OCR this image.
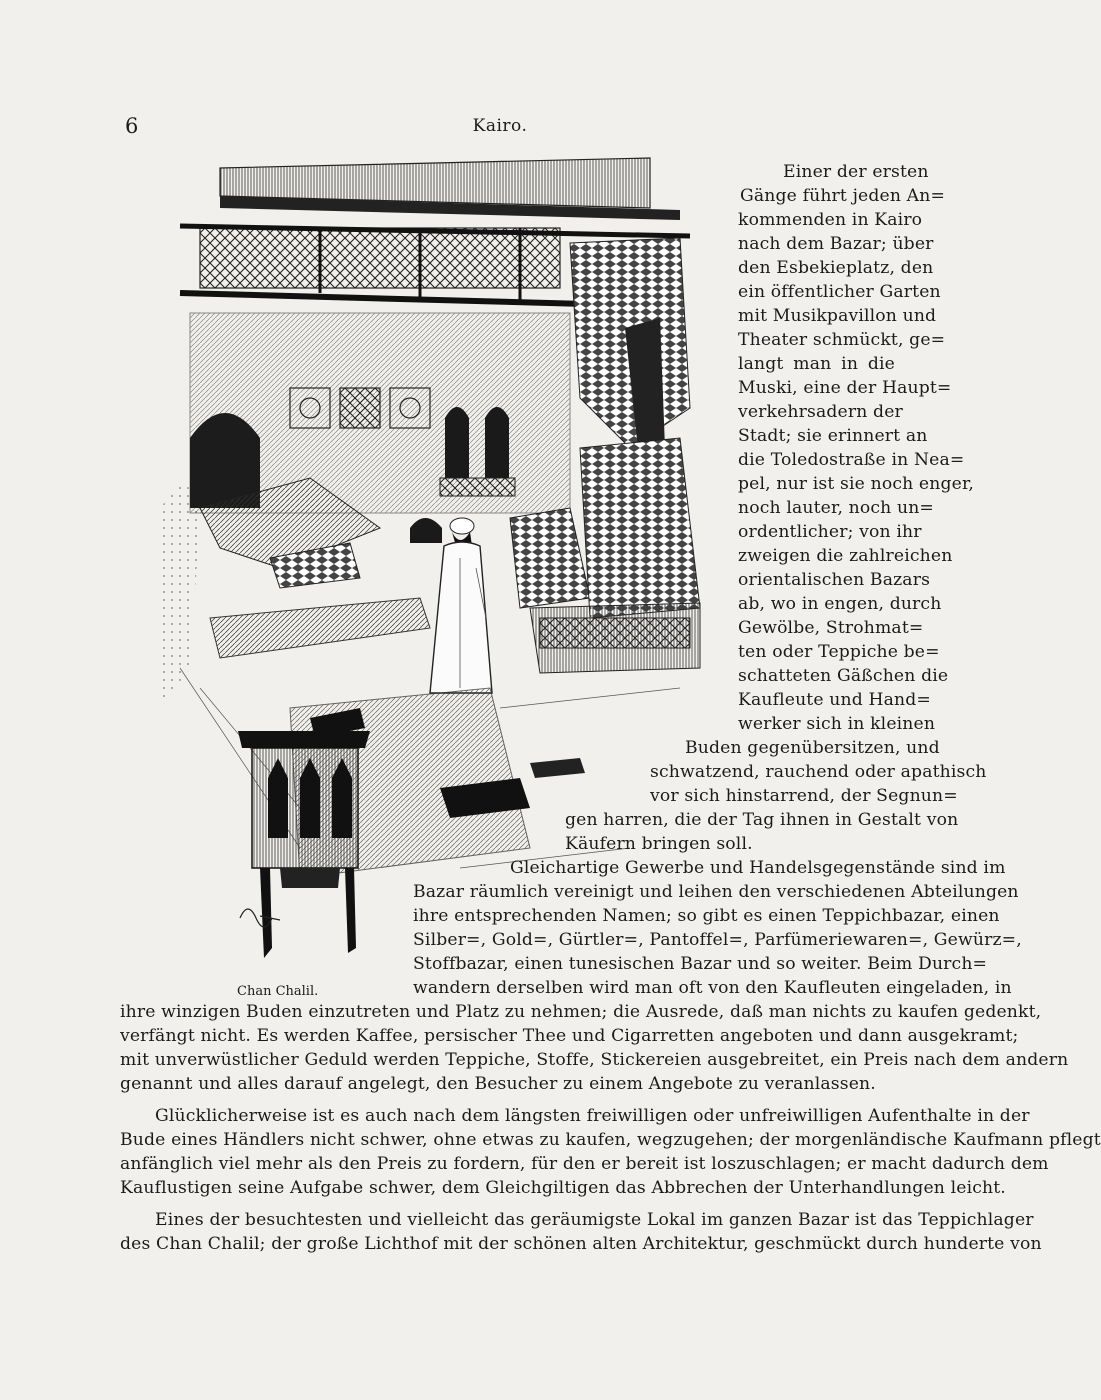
6	Kairo.
Chan Chalil.
Einer der ersten
Gänge führt jeden An=
kommenden in Kairo
nach dem Bazar; über
den Esbekieplatz, den
ein öffentlicher Garten
mit Musikpavillon und
Theater schmückt, ge=
langt man in die
Muski, eine der Haupt=
verkehrsadern der
Stadt; sie erinnert an
die Toledostraße in Nea=
pel, nur ist sie noch enger,
noch lauter, noch un=
ordentlicher; von ihr
zweigen die zahlreichen
orientalischen Bazars
ab, wo in engen, durch
Gewölbe, Strohmat=
ten oder Teppiche be=
schatteten Gäßchen die
Kaufleute und Hand=
werker sich in kleinen
Buden gegenübersitzen, und
schwatzend, rauchend oder apathisch
vor sich hinstarrend, der Segnun=
gen harren, die der Tag ihnen in Gestalt von
Käufern bringen soll.
Gleichartige Gewerbe und Handelsgegenstände sind im
Bazar räumlich vereinigt und leihen den verschiedenen Abteilungen
ihre entsprechenden Namen; so gibt es einen Teppichbazar, einen
Silber=, Gold=, Gürtler=, Pantoffel=, Parfümeriewaren=, Gewürz=,
Stoffbazar, einen tunesischen Bazar und so weiter. Beim Durch=
wandern derselben wird man oft von den Kaufleuten eingeladen, in
ihre winzigen Buden einzutreten und Platz zu nehmen; die Ausrede, daß man nichts zu kaufen gedenkt,
verfängt nicht. Es werden Kaffee, persischer Thee und Cigarretten angeboten und dann ausgekramt;
mit unverwüstlicher Geduld werden Teppiche, Stoffe, Stickereien ausgebreitet, ein Preis nach dem andern
genannt und alles darauf angelegt, den Besucher zu einem Angebote zu veranlassen.
Glücklicherweise ist es auch nach dem längsten freiwilligen oder unfreiwilligen Aufenthalte in der
Bude eines Händlers nicht schwer, ohne etwas zu kaufen, wegzugehen; der morgenländische Kaufmann pflegt
anfänglich viel mehr als den Preis zu fordern, für den er bereit ist loszuschlagen; er macht dadurch dem
Kauflustigen seine Aufgabe schwer, dem Gleichgiltigen das Abbrechen der Unterhandlungen leicht.
Eines der besuchtesten und vielleicht das geräumigste Lokal im ganzen Bazar ist das Teppichlager
des Chan Chalil; der große Lichthof mit der schönen alten Architektur, geschmückt durch hunderte von
